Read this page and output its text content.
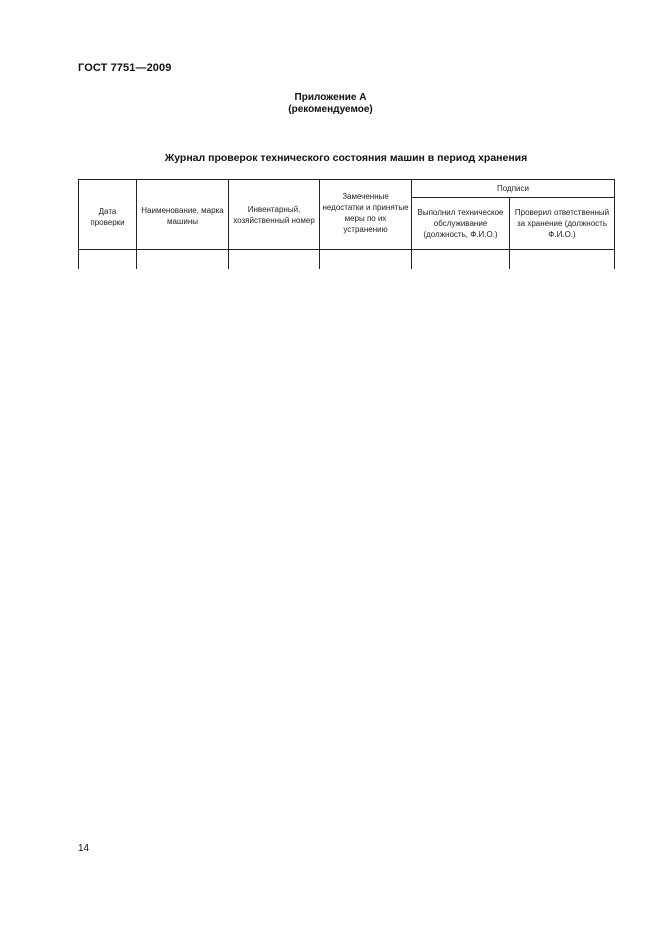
ГОСТ 7751—2009
Приложение А
(рекомендуемое)
Журнал проверок технического состояния машин в период хранения
Дата проверки	Наименование, марка машины	Инвентарный, хозяйственный номер	Замеченные недостатки и принятые меры по их устранению	Подписи	
				Выполнил техническое обслуживание (должность, Ф.И.О.)	Проверил ответственный за хранение (должность Ф.И.О.)

14
